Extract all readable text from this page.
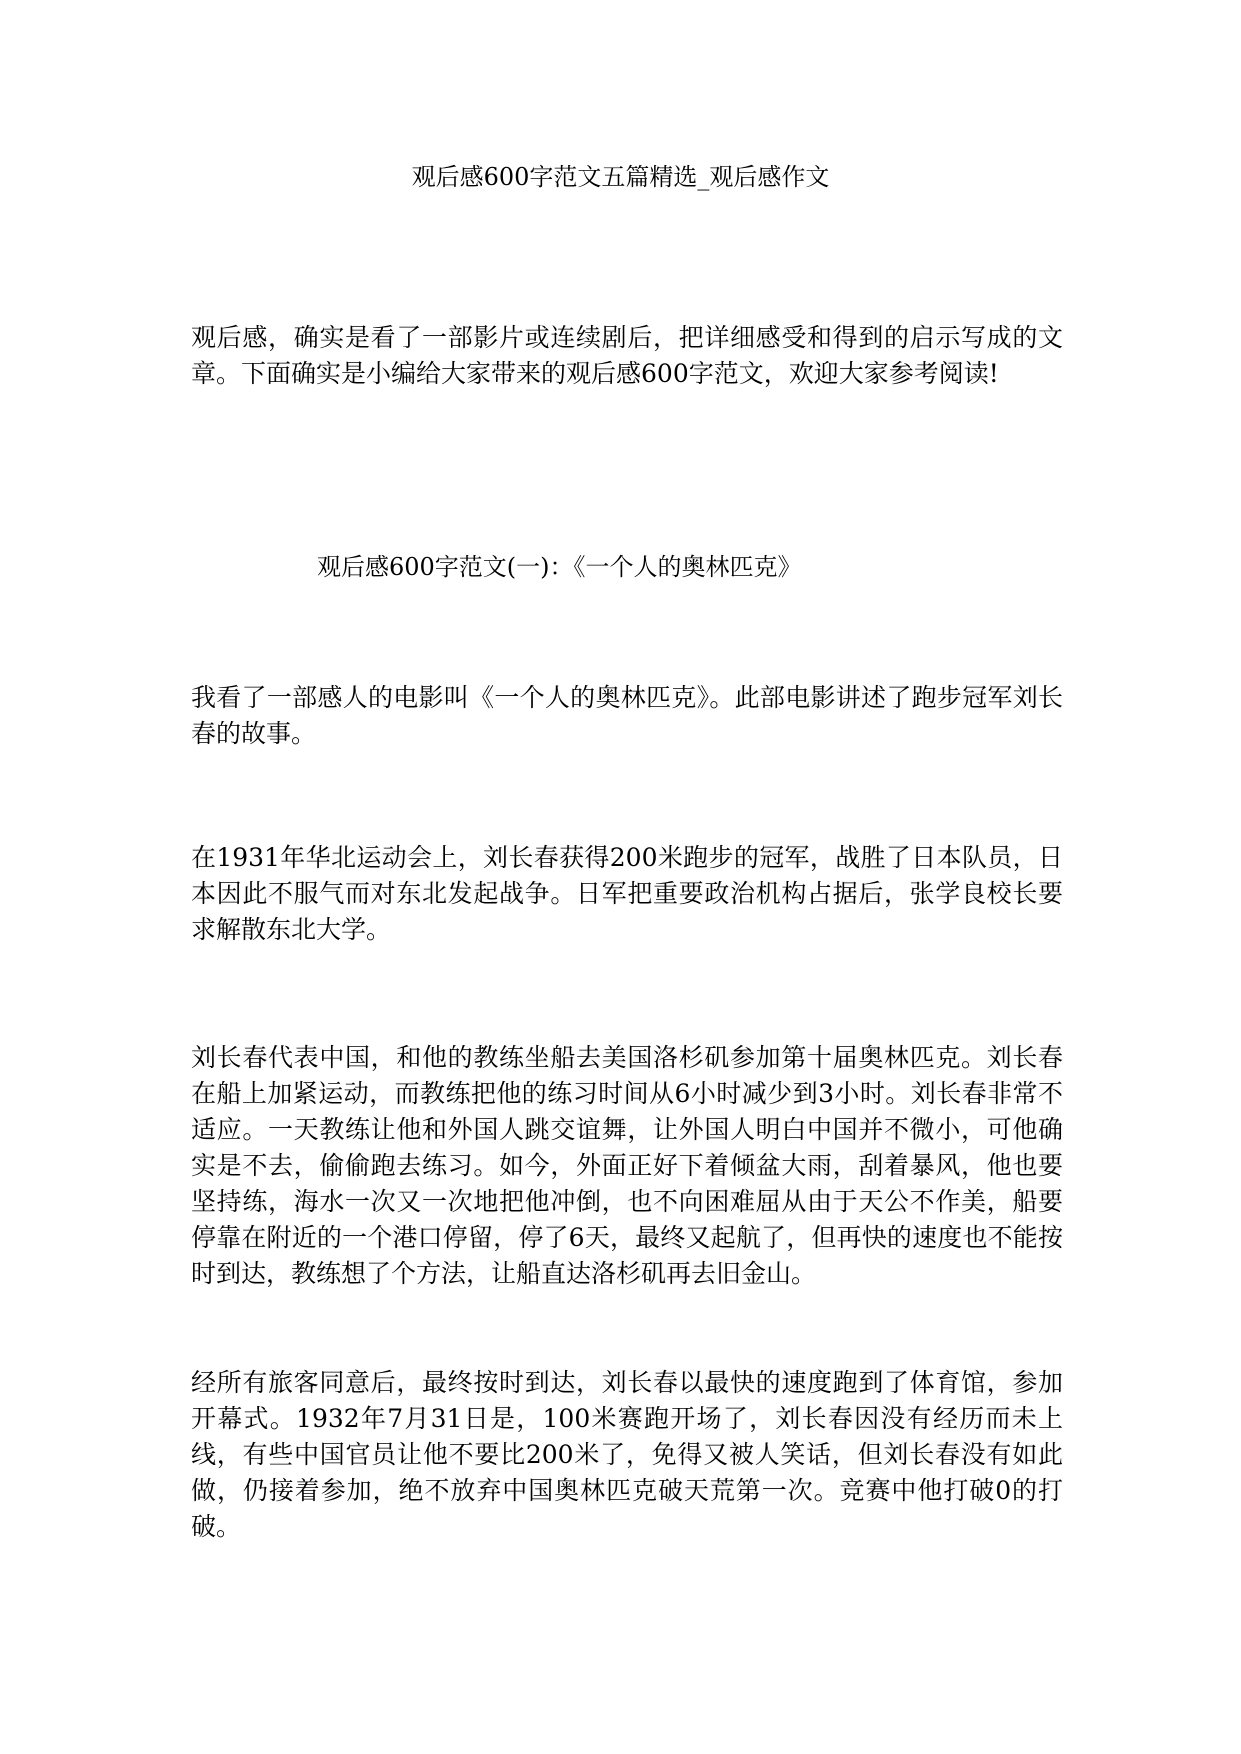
观后感600字范文五篇精选_观后感作文

观后感，确实是看了一部影片或连续剧后，把详细感受和得到的启示写成的文章。下面确实是小编给大家带来的观后感600字范文，欢迎大家参考阅读!

观后感600字范文(一)：《一个人的奥林匹克》

我看了一部感人的电影叫《一个人的奥林匹克》。此部电影讲述了跑步冠军刘长春的故事。

在1931年华北运动会上，刘长春获得200米跑步的冠军，战胜了日本队员，日本因此不服气而对东北发起战争。日军把重要政治机构占据后，张学良校长要求解散东北大学。

刘长春代表中国，和他的教练坐船去美国洛杉矶参加第十届奥林匹克。刘长春在船上加紧运动，而教练把他的练习时间从6小时减少到3小时。刘长春非常不适应。一天教练让他和外国人跳交谊舞，让外国人明白中国并不微小，可他确实是不去，偷偷跑去练习。如今，外面正好下着倾盆大雨，刮着暴风，他也要坚持练，海水一次又一次地把他冲倒，也不向困难屈从由于天公不作美，船要停靠在附近的一个港口停留，停了6天，最终又起航了，但再快的速度也不能按时到达，教练想了个方法，让船直达洛杉矶再去旧金山。

经所有旅客同意后，最终按时到达，刘长春以最快的速度跑到了体育馆，参加开幕式。1932年7月31日是，100米赛跑开场了，刘长春因没有经历而未上线，有些中国官员让他不要比200米了，免得又被人笑话，但刘长春没有如此做，仍接着参加，绝不放弃中国奥林匹克破天荒第一次。竞赛中他打破0的打破。
